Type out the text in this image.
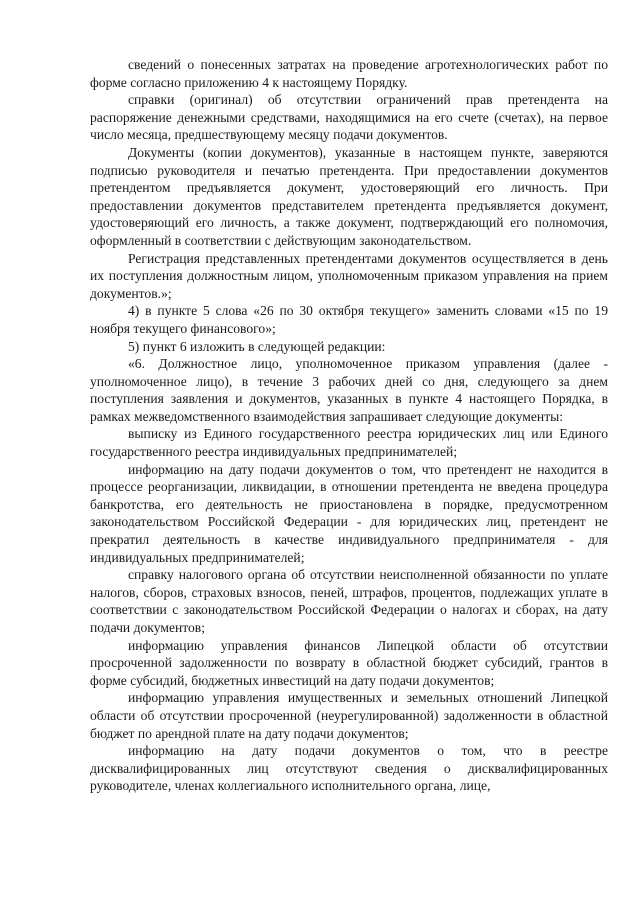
сведений о понесенных затратах на проведение агротехнологических работ по форме согласно приложению 4 к настоящему Порядку.

справки (оригинал) об отсутствии ограничений прав претендента на распоряжение денежными средствами, находящимися на его счете (счетах), на первое число месяца, предшествующему месяцу подачи документов.

Документы (копии документов), указанные в настоящем пункте, заверяются подписью руководителя и печатью претендента. При предоставлении документов претендентом предъявляется документ, удостоверяющий его личность. При предоставлении документов представителем претендента предъявляется документ, удостоверяющий его личность, а также документ, подтверждающий его полномочия, оформленный в соответствии с действующим законодательством.

Регистрация представленных претендентами документов осуществляется в день их поступления должностным лицом, уполномоченным приказом управления на прием документов.»;

4) в пункте 5 слова «26 по 30 октября текущего» заменить словами «15 по 19 ноября текущего финансового»;

5) пункт 6 изложить в следующей редакции:

«6. Должностное лицо, уполномоченное приказом управления (далее - уполномоченное лицо), в течение 3 рабочих дней со дня, следующего за днем поступления заявления и документов, указанных в пункте 4 настоящего Порядка, в рамках межведомственного взаимодействия запрашивает следующие документы:

выписку из Единого государственного реестра юридических лиц или Единого государственного реестра индивидуальных предпринимателей;

информацию на дату подачи документов о том, что претендент не находится в процессе реорганизации, ликвидации, в отношении претендента не введена процедура банкротства, его деятельность не приостановлена в порядке, предусмотренном законодательством Российской Федерации - для юридических лиц, претендент не прекратил деятельность в качестве индивидуального предпринимателя - для индивидуальных предпринимателей;

справку налогового органа об отсутствии неисполненной обязанности по уплате налогов, сборов, страховых взносов, пеней, штрафов, процентов, подлежащих уплате в соответствии с законодательством Российской Федерации о налогах и сборах, на дату подачи документов;

информацию управления финансов Липецкой области об отсутствии просроченной задолженности по возврату в областной бюджет субсидий, грантов в форме субсидий, бюджетных инвестиций на дату подачи документов;

информацию управления имущественных и земельных отношений Липецкой области об отсутствии просроченной (неурегулированной) задолженности в областной бюджет по арендной плате на дату подачи документов;

информацию на дату подачи документов о том, что в реестре дисквалифицированных лиц отсутствуют сведения о дисквалифицированных руководителе, членах коллегиального исполнительного органа, лице,
